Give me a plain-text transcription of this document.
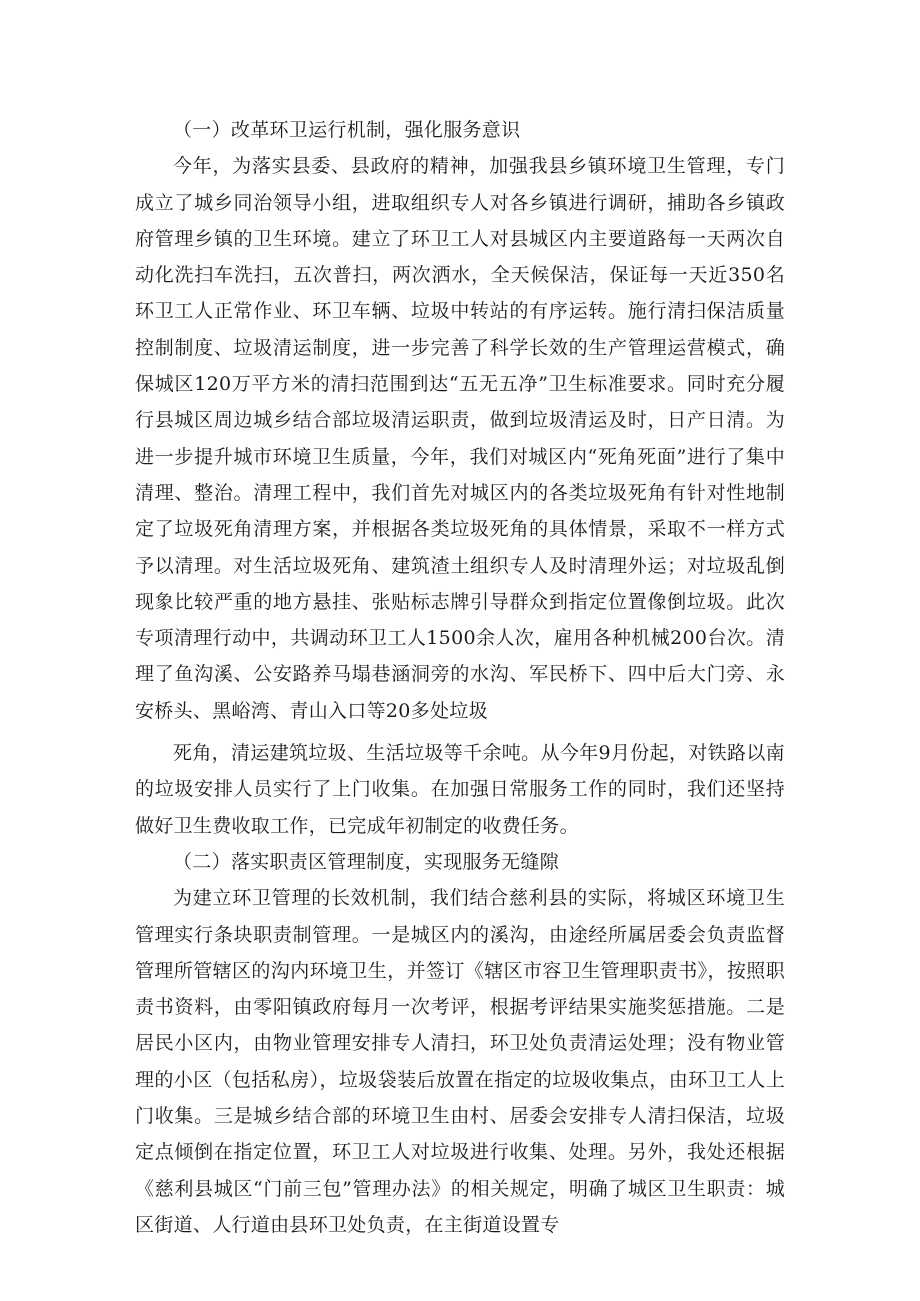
（一）改革环卫运行机制，强化服务意识

今年，为落实县委、县政府的精神，加强我县乡镇环境卫生管理，专门成立了城乡同治领导小组，进取组织专人对各乡镇进行调研，捕助各乡镇政府管理乡镇的卫生环境。建立了环卫工人对县城区内主要道路每一天两次自动化洗扫车洗扫，五次普扫，两次洒水，全天候保洁，保证每一天近350名环卫工人正常作业、环卫车辆、垃圾中转站的有序运转。施行清扫保洁质量控制制度、垃圾清运制度，进一步完善了科学长效的生产管理运营模式，确保城区120万平方米的清扫范围到达“五无五净”卫生标准要求。同时充分履行县城区周边城乡结合部垃圾清运职责，做到垃圾清运及时，日产日清。为进一步提升城市环境卫生质量，今年，我们对城区内“死角死面”进行了集中清理、整治。清理工程中，我们首先对城区内的各类垃圾死角有针对性地制定了垃圾死角清理方案，并根据各类垃圾死角的具体情景，采取不一样方式予以清理。对生活垃圾死角、建筑渣土组织专人及时清理外运；对垃圾乱倒现象比较严重的地方悬挂、张贴标志牌引导群众到指定位置像倒垃圾。此次专项清理行动中，共调动环卫工人1500余人次，雇用各种机械200台次。清理了鱼沟溪、公安路养马塌巷涵洞旁的水沟、军民桥下、四中后大门旁、永安桥头、黑峪湾、青山入口等20多处垃圾

死角，清运建筑垃圾、生活垃圾等千余吨。从今年9月份起，对铁路以南的垃圾安排人员实行了上门收集。在加强日常服务工作的同时，我们还坚持做好卫生费收取工作，已完成年初制定的收费任务。

（二）落实职责区管理制度，实现服务无缝隙

为建立环卫管理的长效机制，我们结合慈利县的实际，将城区环境卫生管理实行条块职责制管理。一是城区内的溪沟，由途经所属居委会负责监督管理所管辖区的沟内环境卫生，并签订《辖区市容卫生管理职责书》，按照职责书资料，由零阳镇政府每月一次考评，根据考评结果实施奖惩措施。二是居民小区内，由物业管理安排专人清扫，环卫处负责清运处理；没有物业管理的小区（包括私房），垃圾袋装后放置在指定的垃圾收集点，由环卫工人上门收集。三是城乡结合部的环境卫生由村、居委会安排专人清扫保洁，垃圾定点倾倒在指定位置，环卫工人对垃圾进行收集、处理。另外，我处还根据《慈利县城区“门前三包”管理办法》的相关规定，明确了城区卫生职责：城区街道、人行道由县环卫处负责，在主街道设置专
